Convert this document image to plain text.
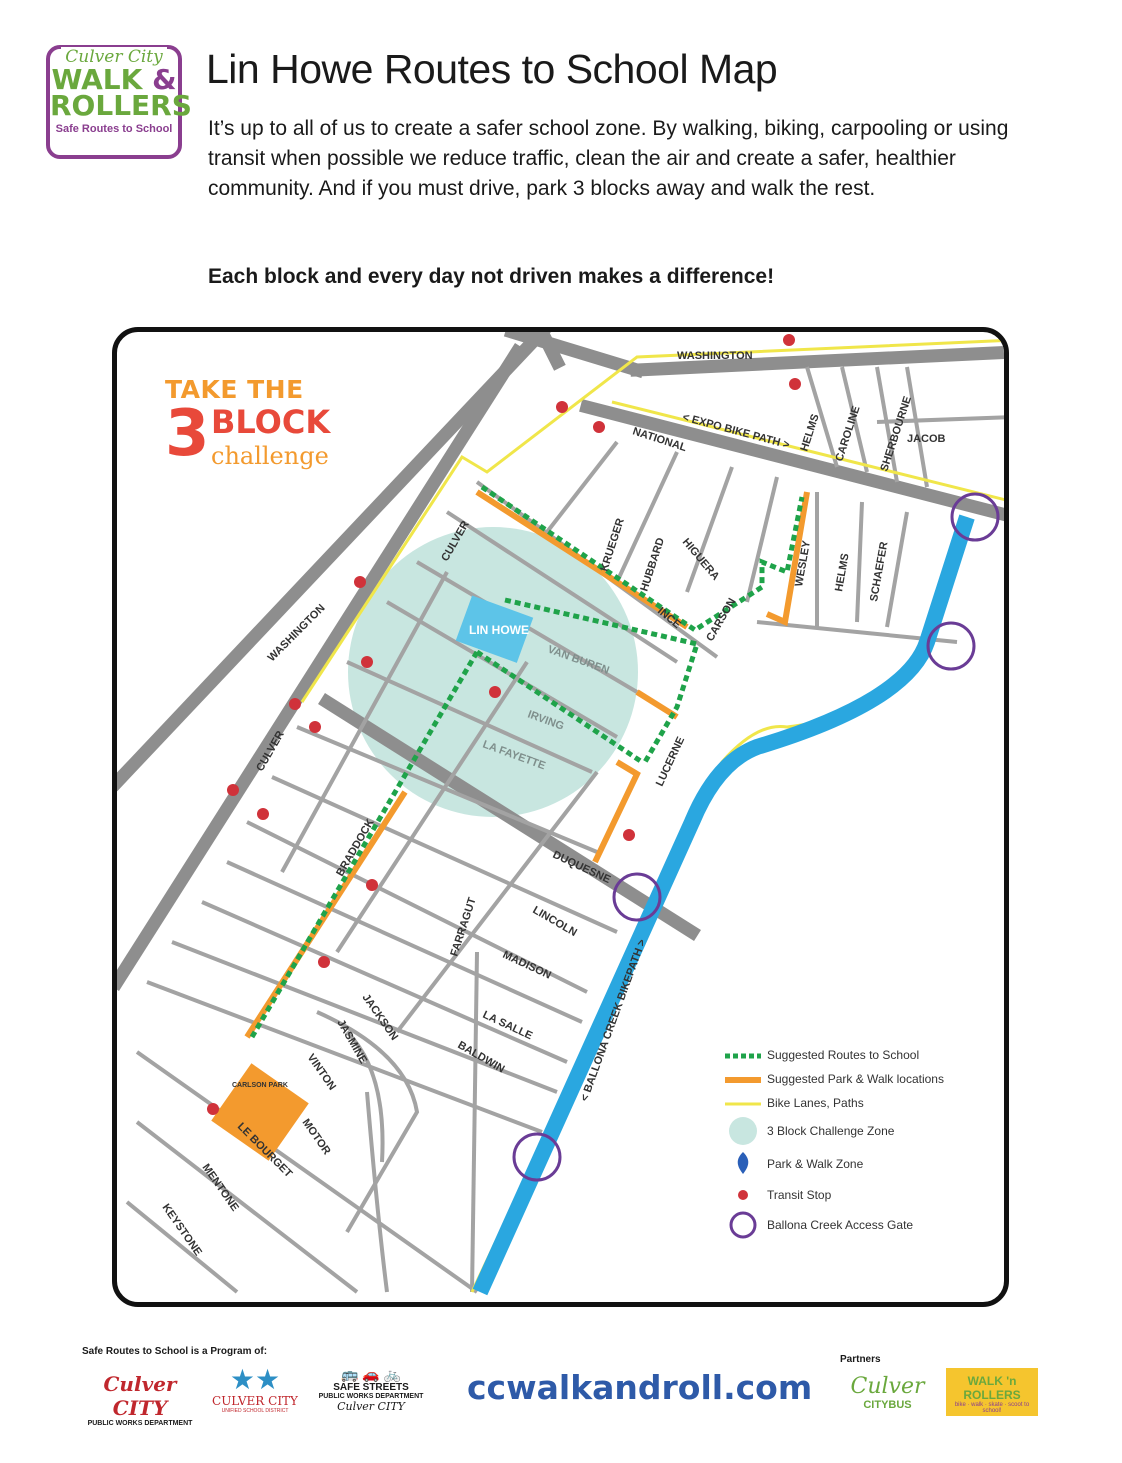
Culver City
WALK &
ROLLERS
Safe Routes to School
Lin Howe Routes to School Map

It’s up to all of us to create a safer school zone. By walking, biking, carpooling or using transit when possible we reduce traffic, clean the air and create a safer, healthier community. And if you must drive, park 3 blocks away and walk the rest.

Each block and every day not driven makes a difference!

WASHINGTON
< EXPO BIKE PATH >
NATIONAL	HELMS CAROLINE SHERBOURNE
JACOB
CULVER
WASHINGTON
KRUEGER HUBBARD HIGUERA
INCE CARSON
WESLEY HELMS SCHAEFER
VAN BUREN
IRVING
LA FAYETTE	LUCERNE
CULVER
BRADDOCK	DUQUESNE
FARRAGUT	LINCOLN
MADISON
LA SALLE
BALDWIN
JACKSON
JASMINE
VINTON
MOTOR
LE BOURGET
MENTONE
KEYSTONE
< BALLONA CREEK BIKEPATH >
LIN HOWE
CARLSON PARK
TAKE THE
3 BLOCK
challenge
Suggested Routes to School
Suggested Park & Walk locations
Bike Lanes, Paths
3 Block Challenge Zone
Park & Walk Zone
Transit Stop
Ballona Creek Access Gate
Safe Routes to School is a Program of:
Culver CITY
PUBLIC WORKS DEPARTMENT
★★
CULVER CITY
UNIFIED SCHOOL DISTRICT
🚌 🚗 🚲
SAFE STREETS
PUBLIC WORKS DEPARTMENT
Culver CITY	ccwalkandroll.com
Partners
Culver
CITYBUS
WALK 'n ROLLERS
bike · walk · skate · scoot to school!
